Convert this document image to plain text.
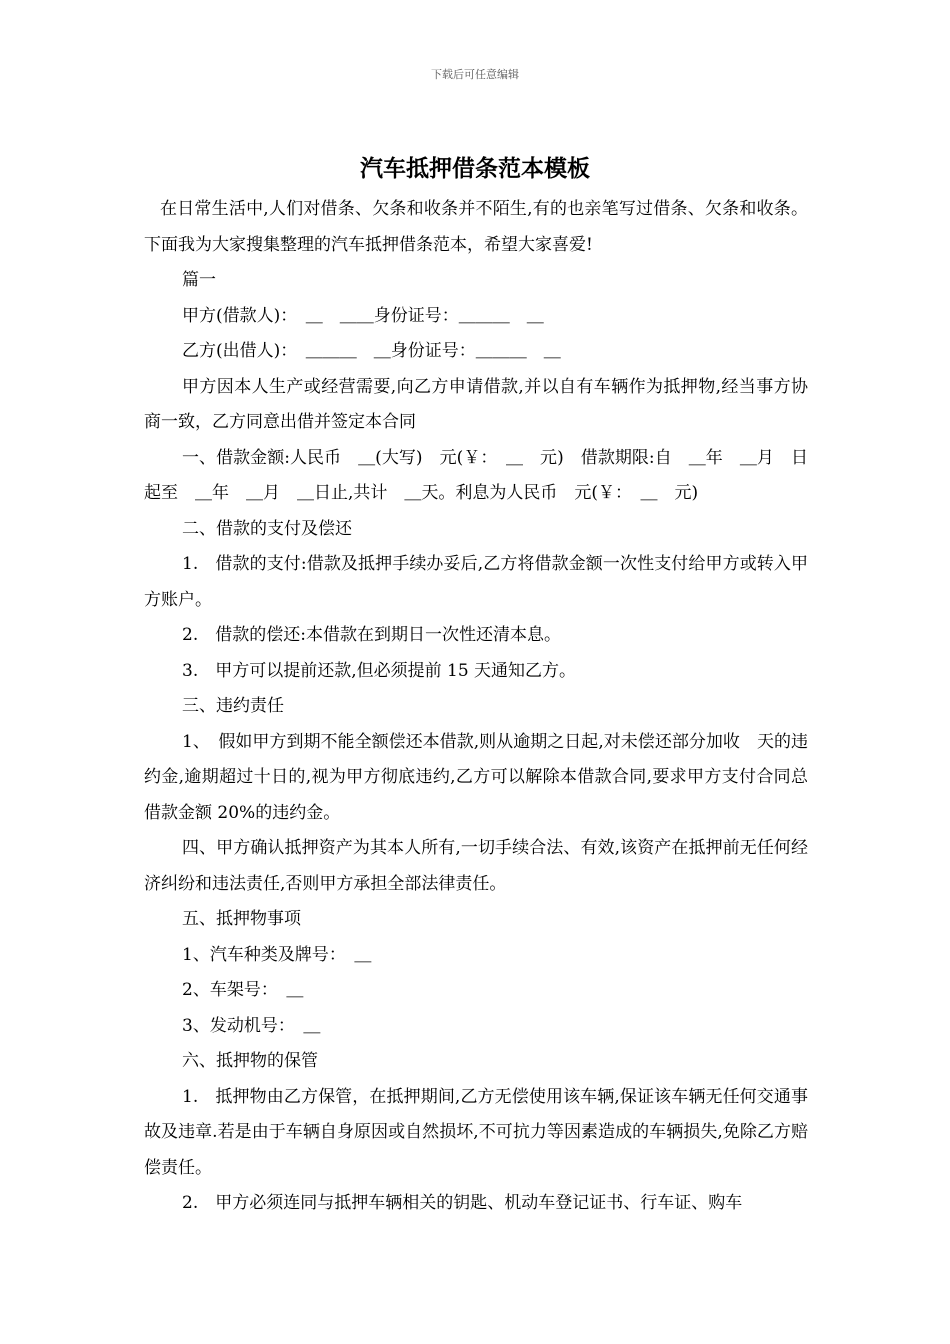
下载后可任意编辑
汽车抵押借条范本模板

在日常生活中,人们对借条、欠条和收条并不陌生,有的也亲笔写过借条、欠条和收条。下面我为大家搜集整理的汽车抵押借条范本，希望大家喜爱!

篇一

甲方(借款人)：　＿　＿＿身份证号：＿＿＿　＿

乙方(出借人)：　＿＿＿　＿身份证号：＿＿＿　＿

甲方因本人生产或经营需要,向乙方申请借款,并以自有车辆作为抵押物,经当事方协商一致，乙方同意出借并签定本合同

一、借款金额:人民币　＿(大写)　元(￥：　＿　元)　借款期限:自　＿年　＿月　日起至　＿年　＿月　＿日止,共计　＿天。利息为人民币　元(￥：　＿　元)

二、借款的支付及偿还

1.　借款的支付:借款及抵押手续办妥后,乙方将借款金额一次性支付给甲方或转入甲方账户。

2.　借款的偿还:本借款在到期日一次性还清本息。

3.　甲方可以提前还款,但必须提前 15 天通知乙方。

三、违约责任

1、　假如甲方到期不能全额偿还本借款,则从逾期之日起,对未偿还部分加收　天的违约金,逾期超过十日的,视为甲方彻底违约,乙方可以解除本借款合同,要求甲方支付合同总借款金额 20%的违约金。

四、甲方确认抵押资产为其本人所有,一切手续合法、有效,该资产在抵押前无任何经济纠纷和违法责任,否则甲方承担全部法律责任。

五、抵押物事项

1、汽车种类及牌号：　＿

2、车架号：　＿

3、发动机号：　＿

六、抵押物的保管

1.　抵押物由乙方保管，在抵押期间,乙方无偿使用该车辆,保证该车辆无任何交通事故及违章.若是由于车辆自身原因或自然损坏,不可抗力等因素造成的车辆损失,免除乙方赔偿责任。

2.　甲方必须连同与抵押车辆相关的钥匙、机动车登记证书、行车证、购车
